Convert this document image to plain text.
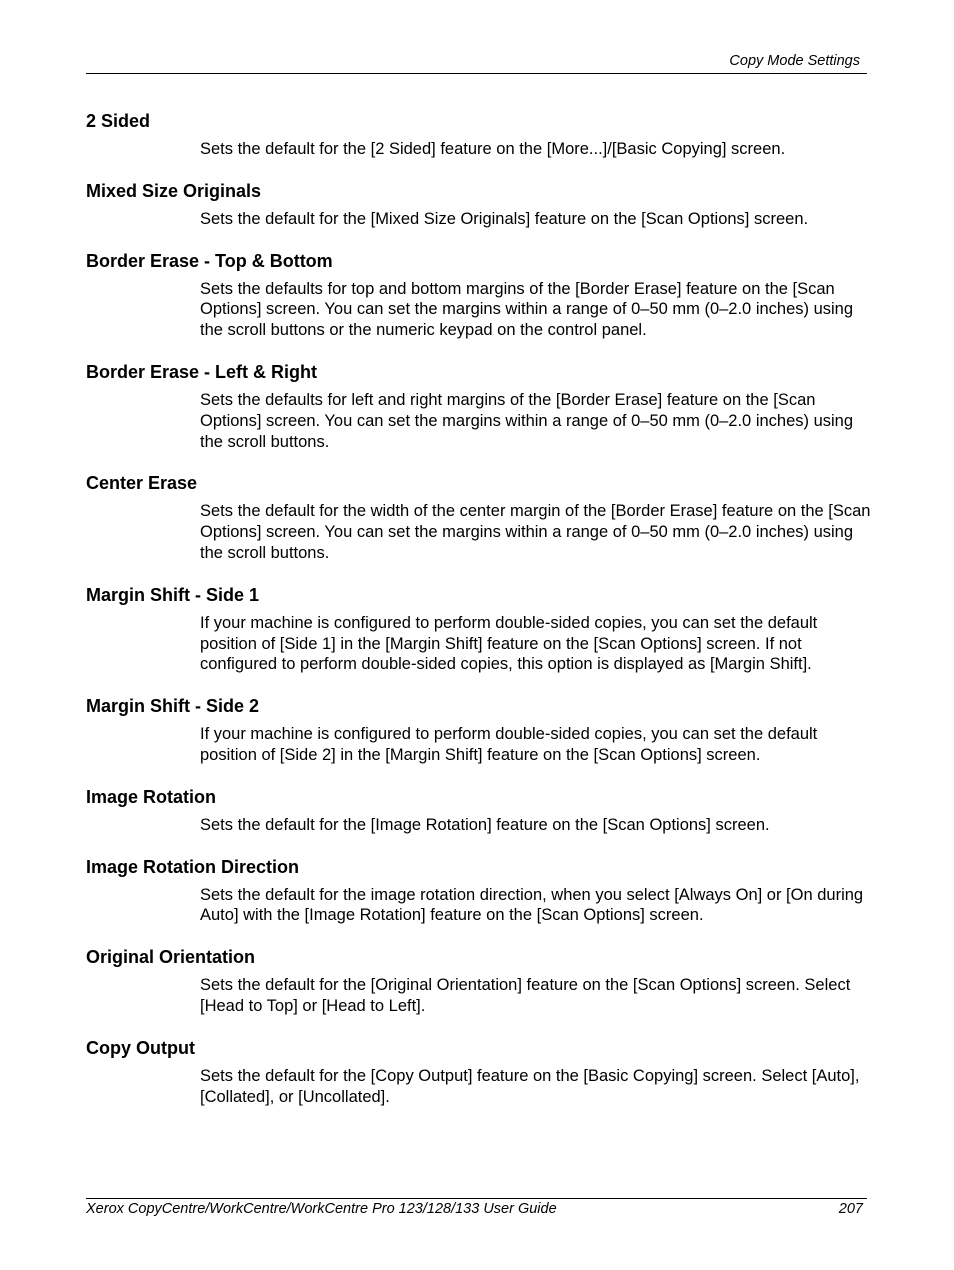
Copy Mode Settings
2 Sided
Sets the default for the [2 Sided] feature on the [More...]/[Basic Copying] screen.
Mixed Size Originals
Sets the default for the [Mixed Size Originals] feature on the [Scan Options] screen.
Border Erase - Top & Bottom
Sets the defaults for top and bottom margins of the [Border Erase] feature on the [Scan Options] screen. You can set the margins within a range of 0–50 mm (0–2.0 inches) using the scroll buttons or the numeric keypad on the control panel.
Border Erase - Left & Right
Sets the defaults for left and right margins of the [Border Erase] feature on the [Scan Options] screen. You can set the margins within a range of 0–50 mm (0–2.0 inches) using the scroll buttons.
Center Erase
Sets the default for the width of the center margin of the [Border Erase] feature on the [Scan Options] screen. You can set the margins within a range of 0–50 mm (0–2.0 inches) using the scroll buttons.
Margin Shift - Side 1
If your machine is configured to perform double-sided copies, you can set the default position of [Side 1] in the [Margin Shift] feature on the [Scan Options] screen. If not configured to perform double-sided copies, this option is displayed as [Margin Shift].
Margin Shift - Side 2
If your machine is configured to perform double-sided copies, you can set the default position of [Side 2] in the [Margin Shift] feature on the [Scan Options] screen.
Image Rotation
Sets the default for the [Image Rotation] feature on the [Scan Options] screen.
Image Rotation Direction
Sets the default for the image rotation direction, when you select [Always On] or [On during Auto] with the [Image Rotation] feature on the [Scan Options] screen.
Original Orientation
Sets the default for the [Original Orientation] feature on the [Scan Options] screen. Select [Head to Top] or [Head to Left].
Copy Output
Sets the default for the [Copy Output] feature on the [Basic Copying] screen. Select [Auto], [Collated], or [Uncollated].
Xerox CopyCentre/WorkCentre/WorkCentre Pro 123/128/133 User Guide	207
